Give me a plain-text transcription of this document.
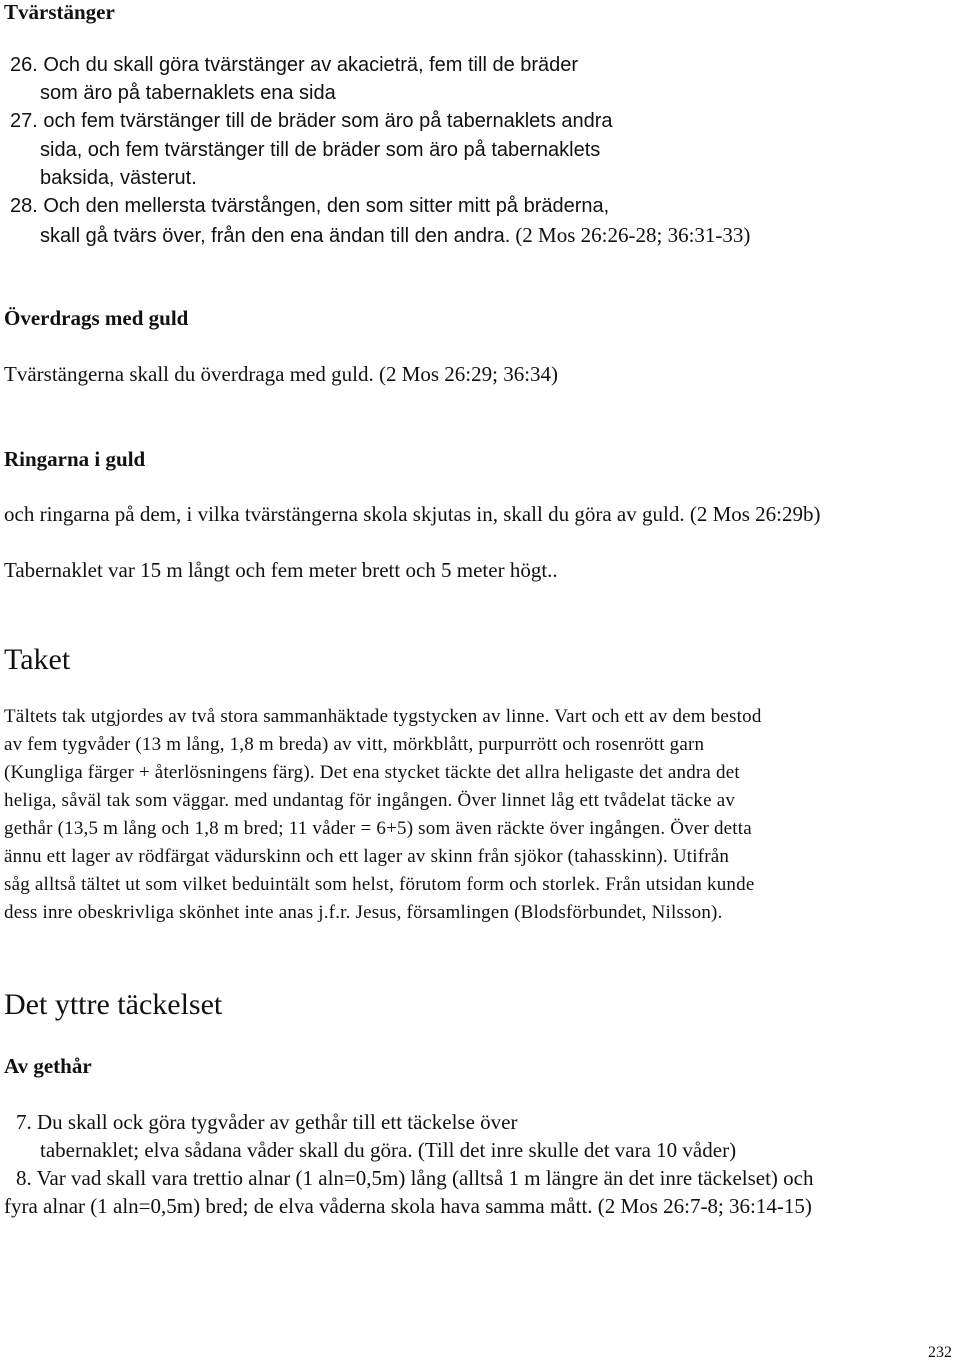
Tvärstänger
26. Och du skall göra tvärstänger av akacieträ, fem till de bräder
som äro på tabernaklets ena sida
27. och fem tvärstänger till de bräder som äro på tabernaklets andra
sida, och fem tvärstänger till de bräder som äro på tabernaklets
baksida, västerut.
28. Och den mellersta tvärstången, den som sitter mitt på bräderna,
skall gå tvärs över, från den ena ändan till den andra. (2 Mos 26:26-28; 36:31-33)
Överdrags med guld
Tvärstängerna skall du överdraga med guld. (2 Mos 26:29; 36:34)
Ringarna i guld
och ringarna på dem, i vilka tvärstängerna skola skjutas in, skall du göra av guld. (2 Mos 26:29b)
Tabernaklet var 15 m långt och fem meter brett och 5 meter högt..
Taket
Tältets tak utgjordes av två stora sammanhäktade tygstycken av linne. Vart och ett av dem bestod
av fem tygvåder (13 m lång, 1,8 m breda) av vitt, mörkblått, purpurrött och rosenrött garn
(Kungliga färger + återlösningens färg). Det ena stycket täckte det allra heligaste det andra det
heliga, såväl tak som väggar. med undantag för ingången. Över linnet låg ett tvådelat täcke av
gethår (13,5 m lång och 1,8 m bred; 11 våder = 6+5) som även räckte över ingången. Över detta
ännu ett lager av rödfärgat vädurskinn och ett lager av skinn från sjökor (tahasskinn). Utifrån
såg alltså tältet ut som vilket beduintält som helst, förutom form och storlek. Från utsidan kunde
dess inre obeskrivliga skönhet inte anas j.f.r. Jesus, församlingen (Blodsförbundet, Nilsson).
Det yttre täckelset
Av gethår
7. Du skall ock göra tygvåder av gethår till ett täckelse över
tabernaklet; elva sådana våder skall du göra. (Till det inre skulle det vara 10 våder)
8. Var vad skall vara trettio alnar (1 aln=0,5m) lång (alltså 1 m längre än det inre täckelset) och
fyra alnar (1 aln=0,5m) bred; de elva våderna skola hava samma mått. (2 Mos 26:7-8; 36:14-15)
232
